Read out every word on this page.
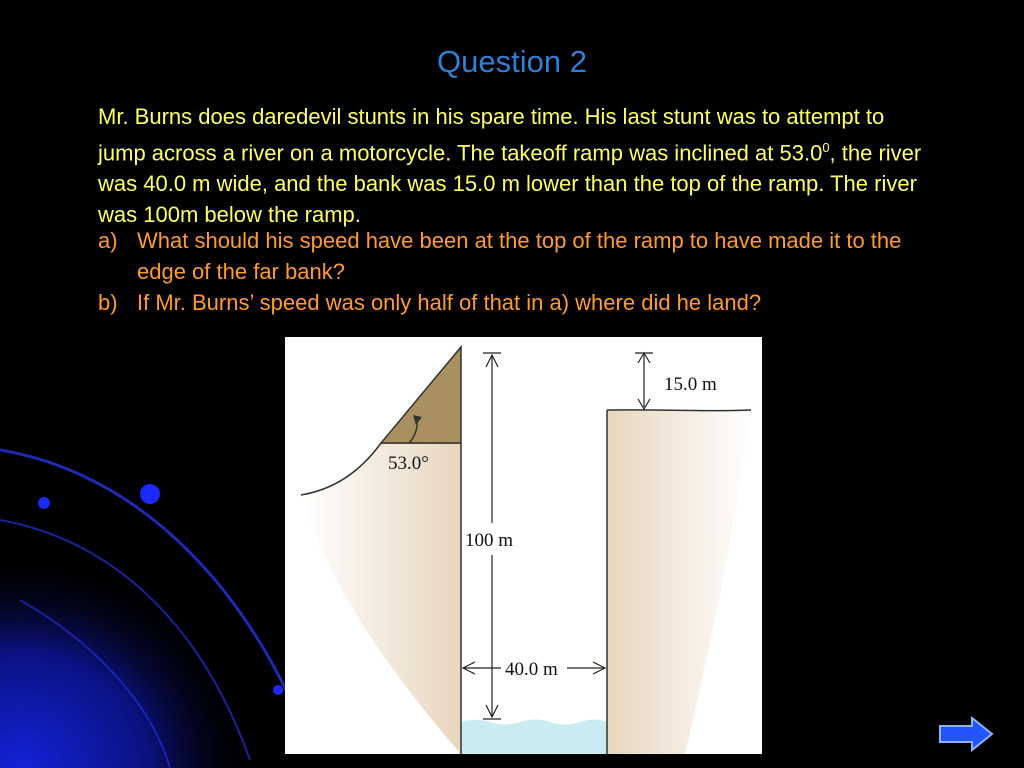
Question 2

Mr. Burns does daredevil stunts in his spare time. His last stunt was to attempt to jump across a river on a motorcycle. The takeoff ramp was inclined at 53.0$^0$, the river was 40.0 m wide, and the bank was 15.0 m lower than the top of the ramp. The river was 100m below the ramp.

a) What should his speed have been at the top of the ramp to have made it to the edge of the far bank?
b) If Mr. Burns’ speed was only half of that in a) where did he land?
53.0°
100 m
15.0 m
40.0 m
